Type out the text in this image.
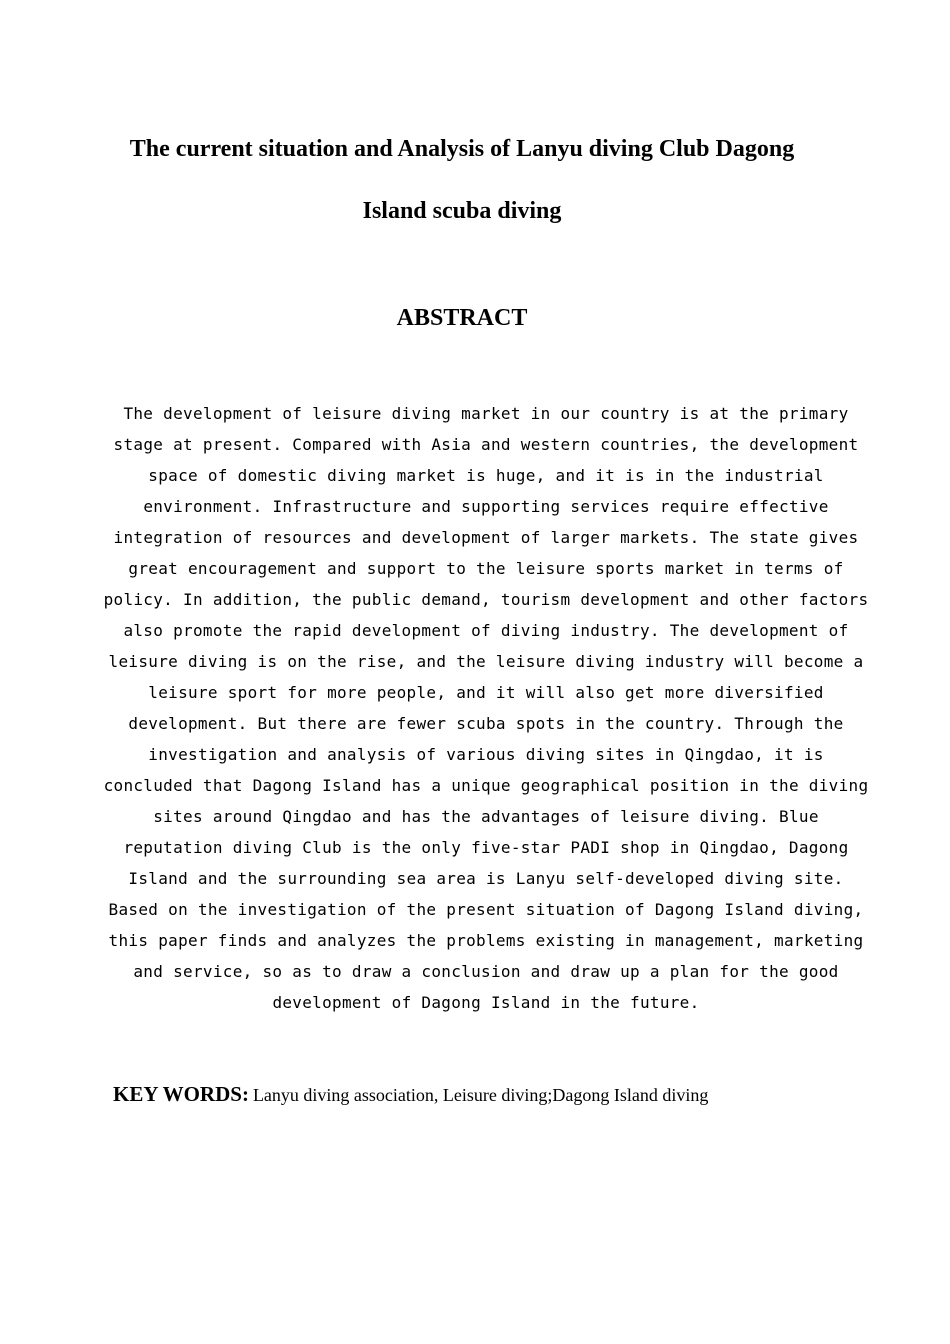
The current situation and Analysis of Lanyu diving Club Dagong
Island scuba diving
ABSTRACT
The development of leisure diving market in our country is at the primary
stage at present. Compared with Asia and western countries, the development
space of domestic diving market is huge, and it is in the industrial
environment. Infrastructure and supporting services require effective
integration of resources and development of larger markets. The state gives
great encouragement and support to the leisure sports market in terms of
policy. In addition, the public demand, tourism development and other factors
also promote the rapid development of diving industry. The development of
leisure diving is on the rise, and the leisure diving industry will become a
leisure sport for more people, and it will also get more diversified
development. But there are fewer scuba spots in the country. Through the
investigation and analysis of various diving sites in Qingdao, it is
concluded that Dagong Island has a unique geographical position in the diving
sites around Qingdao and has the advantages of leisure diving. Blue
reputation diving Club is the only five-star PADI shop in Qingdao, Dagong
Island and the surrounding sea area is Lanyu self-developed diving site.
Based on the investigation of the present situation of Dagong Island diving,
this paper finds and analyzes the problems existing in management, marketing
and service, so as to draw a conclusion and draw up a plan for the good
development of Dagong Island in the future.
KEY WORDS: Lanyu diving association, Leisure diving;Dagong Island diving
